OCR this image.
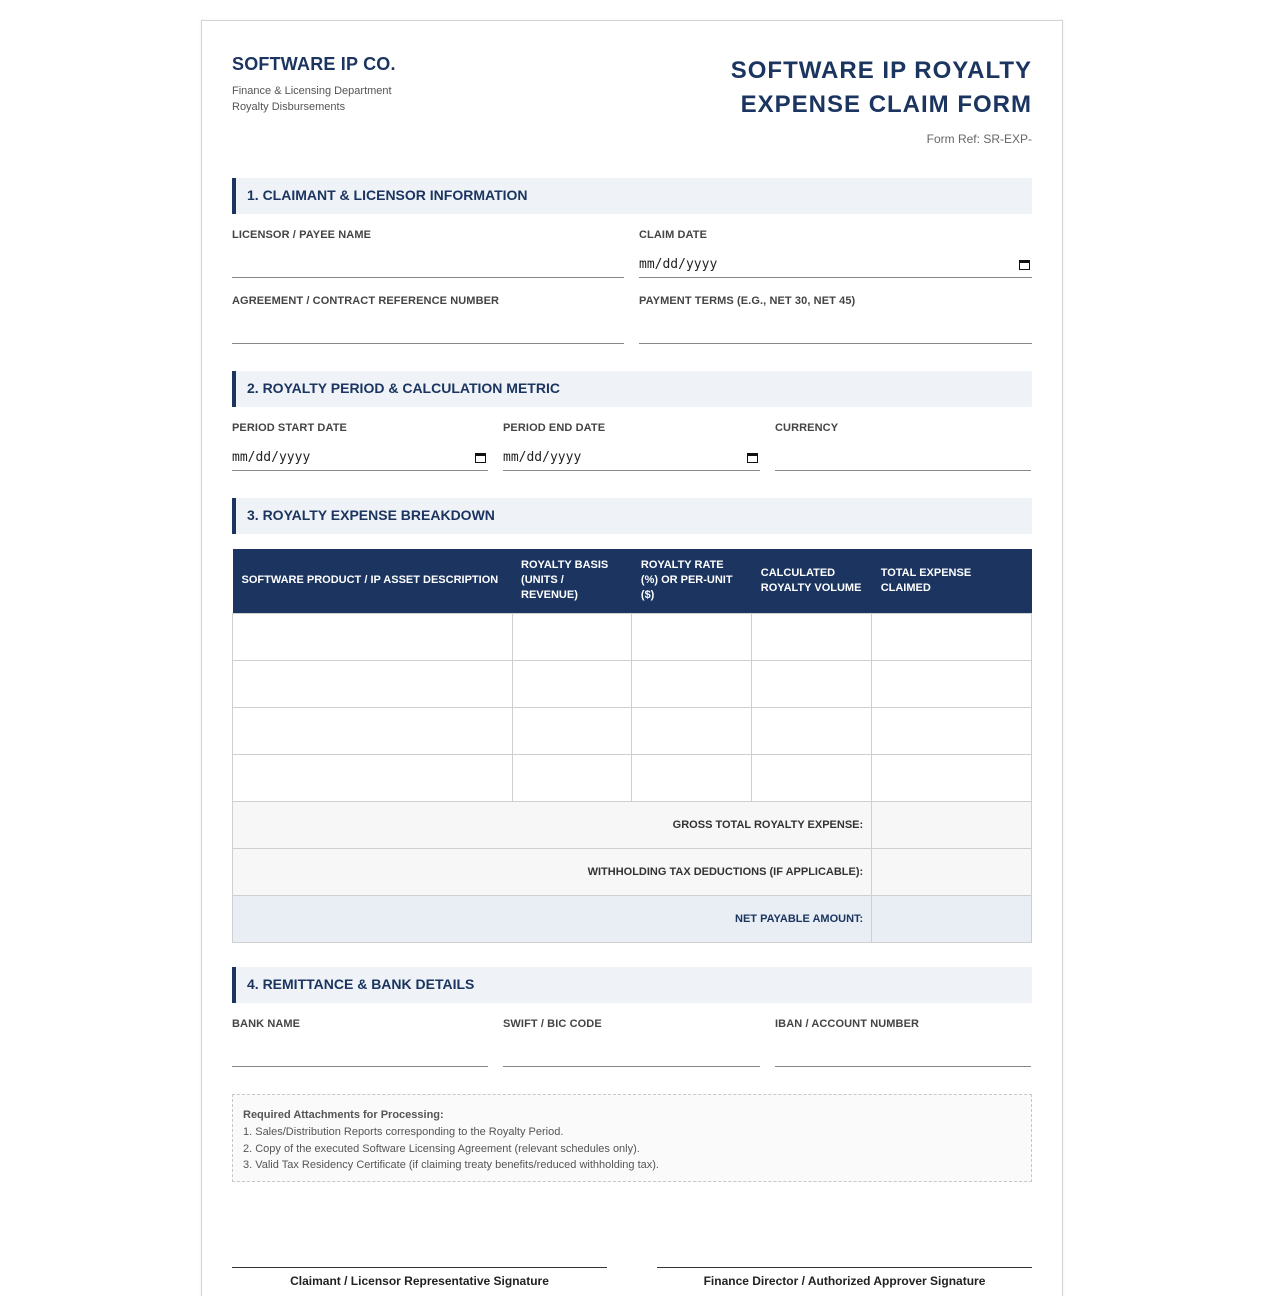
SOFTWARE IP CO.
Finance & Licensing Department
Royalty Disbursements
SOFTWARE IP ROYALTY
EXPENSE CLAIM FORM
Form Ref: SR-EXP-
1. CLAIMANT & LICENSOR INFORMATION
LICENSOR / PAYEE NAME	CLAIM DATE
mm/dd/yyyy
AGREEMENT / CONTRACT REFERENCE NUMBER	PAYMENT TERMS (E.G., NET 30, NET 45)
2. ROYALTY PERIOD & CALCULATION METRIC
PERIOD START DATE
mm/dd/yyyy
PERIOD END DATE
mm/dd/yyyy
CURRENCY
3. ROYALTY EXPENSE BREAKDOWN
SOFTWARE PRODUCT / IP ASSET DESCRIPTION	ROYALTY BASIS (UNITS / REVENUE)	ROYALTY RATE (%) OR PER-UNIT ($)	CALCULATED ROYALTY VOLUME	TOTAL EXPENSE CLAIMED

GROSS TOTAL ROYALTY EXPENSE:				
WITHHOLDING TAX DEDUCTIONS (IF APPLICABLE):				
NET PAYABLE AMOUNT:				
4. REMITTANCE & BANK DETAILS
BANK NAME	SWIFT / BIC CODE	IBAN / ACCOUNT NUMBER
Required Attachments for Processing:
1. Sales/Distribution Reports corresponding to the Royalty Period.
2. Copy of the executed Software Licensing Agreement (relevant schedules only).
3. Valid Tax Residency Certificate (if claiming treaty benefits/reduced withholding tax).
Claimant / Licensor Representative Signature	Finance Director / Authorized Approver Signature
